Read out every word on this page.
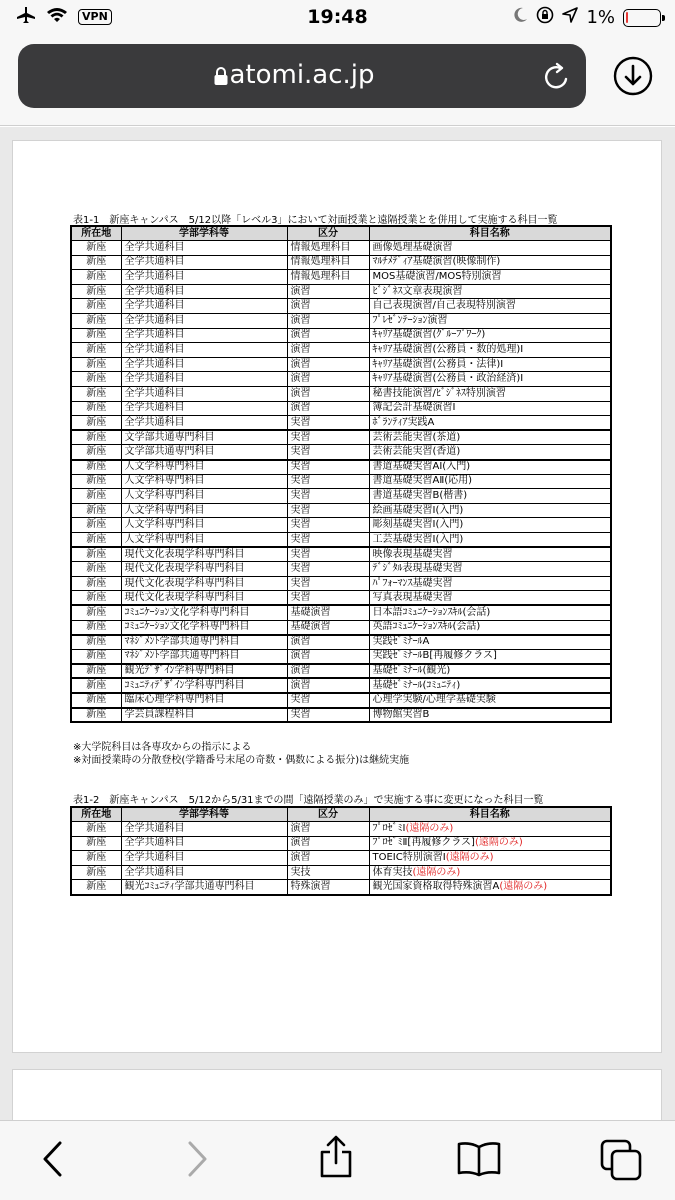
VPN	19:48	1%
atomi.ac.jp
表1-1　新座キャンパス　5/12以降「レベル3」において対面授業と遠隔授業とを併用して実施する科目一覧
所在地	学部学科等	区分	科目名称
新座	全学共通科目	情報処理科目	画像処理基礎演習
新座	全学共通科目	情報処理科目	ﾏﾙﾁﾒﾃﾞｨｱ基礎演習(映像制作)
新座	全学共通科目	情報処理科目	MOS基礎演習/MOS特別演習
新座	全学共通科目	演習	ﾋﾞｼﾞﾈｽ文章表現演習
新座	全学共通科目	演習	自己表現演習/自己表現特別演習
新座	全学共通科目	演習	ﾌﾟﾚｾﾞﾝﾃｰｼｮﾝ演習
新座	全学共通科目	演習	ｷｬﾘｱ基礎演習(ｸﾞﾙｰﾌﾟﾜｰｸ)
新座	全学共通科目	演習	ｷｬﾘｱ基礎演習(公務員・数的処理)Ⅰ
新座	全学共通科目	演習	ｷｬﾘｱ基礎演習(公務員・法律)Ⅰ
新座	全学共通科目	演習	ｷｬﾘｱ基礎演習(公務員・政治経済)Ⅰ
新座	全学共通科目	演習	秘書技能演習/ﾋﾞｼﾞﾈｽ特別演習
新座	全学共通科目	演習	簿記会計基礎演習Ⅰ
新座	全学共通科目	実習	ﾎﾞﾗﾝﾃｨｱ実践A
新座	文学部共通専門科目	実習	芸術芸能実習(茶道)
新座	文学部共通専門科目	実習	芸術芸能実習(香道)
新座	人文学科専門科目	実習	書道基礎実習AⅠ(入門)
新座	人文学科専門科目	実習	書道基礎実習AⅡ(応用)
新座	人文学科専門科目	実習	書道基礎実習B(楷書)
新座	人文学科専門科目	実習	絵画基礎実習Ⅰ(入門)
新座	人文学科専門科目	実習	彫刻基礎実習Ⅰ(入門)
新座	人文学科専門科目	実習	工芸基礎実習Ⅰ(入門)
新座	現代文化表現学科専門科目	実習	映像表現基礎実習
新座	現代文化表現学科専門科目	実習	ﾃﾞｼﾞﾀﾙ表現基礎実習
新座	現代文化表現学科専門科目	実習	ﾊﾟﾌｫｰﾏﾝｽ基礎実習
新座	現代文化表現学科専門科目	実習	写真表現基礎実習
新座	ｺﾐｭﾆｹｰｼｮﾝ文化学科専門科目	基礎演習	日本語ｺﾐｭﾆｹｰｼｮﾝｽｷﾙ(会話)
新座	ｺﾐｭﾆｹｰｼｮﾝ文化学科専門科目	基礎演習	英語ｺﾐｭﾆｹｰｼｮﾝｽｷﾙ(会話)
新座	ﾏﾈｼﾞﾒﾝﾄ学部共通専門科目	演習	実践ｾﾞﾐﾅｰﾙA
新座	ﾏﾈｼﾞﾒﾝﾄ学部共通専門科目	演習	実践ｾﾞﾐﾅｰﾙB[再履修クラス]
新座	観光ﾃﾞｻﾞｲﾝ学科専門科目	演習	基礎ｾﾞﾐﾅｰﾙ(観光)
新座	ｺﾐｭﾆﾃｨﾃﾞｻﾞｲﾝ学科専門科目	演習	基礎ｾﾞﾐﾅｰﾙ(ｺﾐｭﾆﾃｨ)
新座	臨床心理学科専門科目	実習	心理学実験/心理学基礎実験
新座	学芸員課程科目	実習	博物館実習B
※大学院科目は各専攻からの指示による
※対面授業時の分散登校(学籍番号末尾の奇数・偶数による振分)は継続実施
表1-2　新座キャンパス　5/12から5/31までの間「遠隔授業のみ」で実施する事に変更になった科目一覧
所在地	学部学科等	区分	科目名称
新座	全学共通科目	演習	ﾌﾟﾛｾﾞﾐⅠ(遠隔のみ)
新座	全学共通科目	演習	ﾌﾟﾛｾﾞﾐⅡ[再履修クラス](遠隔のみ)
新座	全学共通科目	演習	TOEIC特別演習Ⅰ(遠隔のみ)
新座	全学共通科目	実技	体育実技(遠隔のみ)
新座	観光ｺﾐｭﾆﾃｨ学部共通専門科目	特殊演習	観光国家資格取得特殊演習A(遠隔のみ)
